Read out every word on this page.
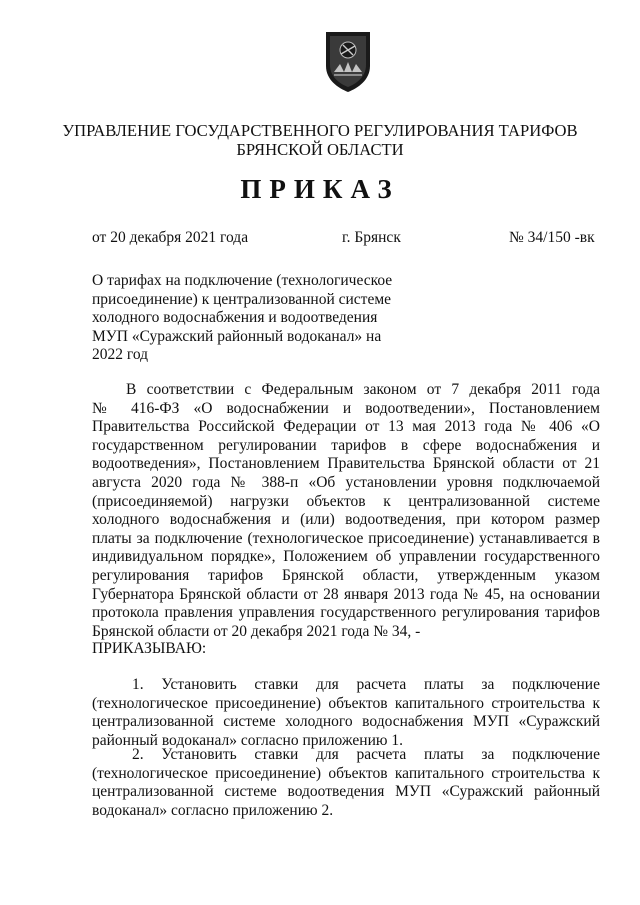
УПРАВЛЕНИЕ ГОСУДАРСТВЕННОГО РЕГУЛИРОВАНИЯ ТАРИФОВ
БРЯНСКОЙ ОБЛАСТИ
ПРИКАЗ
от 20 декабря 2021 года	г. Брянск	№ 34/150 -вк
О тарифах на подключение (технологическое
присоединение) к централизованной системе
холодного водоснабжения и водоотведения
МУП «Суражский районный водоканал» на
2022 год
В соответствии с Федеральным законом от 7 декабря 2011 года
№ 416-ФЗ «О водоснабжении и водоотведении», Постановлением
Правительства Российской Федерации от 13 мая 2013 года № 406 «О
государственном регулировании тарифов в сфере водоснабжения и
водоотведения», Постановлением Правительства Брянской области от 21
августа 2020 года № 388-п «Об установлении уровня подключаемой
(присоединяемой) нагрузки объектов к централизованной системе
холодного водоснабжения и (или) водоотведения, при котором размер
платы за подключение (технологическое присоединение) устанавливается в
индивидуальном порядке», Положением об управлении государственного
регулирования тарифов Брянской области, утвержденным указом
Губернатора Брянской области от 28 января 2013 года № 45, на основании
протокола правления управления государственного регулирования тарифов
Брянской области от 20 декабря 2021 года № 34, -
ПРИКАЗЫВАЮ:
1. Установить ставки для расчета платы за подключение
(технологическое присоединение) объектов капитального строительства к
централизованной системе холодного водоснабжения МУП «Суражский
районный водоканал» согласно приложению 1.
2. Установить ставки для расчета платы за подключение
(технологическое присоединение) объектов капитального строительства к
централизованной системе водоотведения МУП «Суражский районный
водоканал» согласно приложению 2.
